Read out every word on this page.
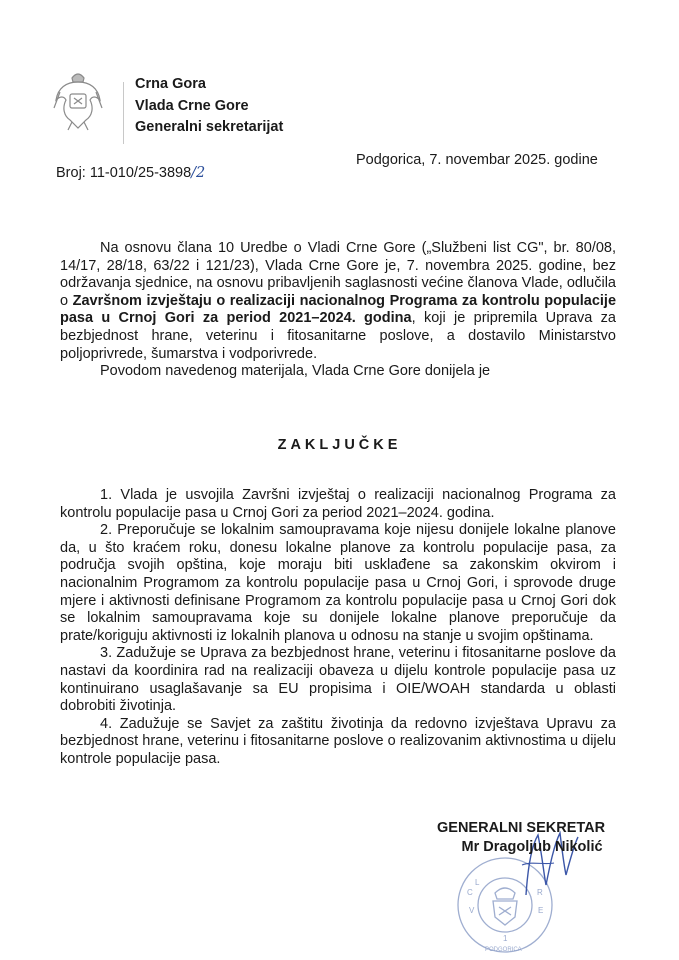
Crna Gora
Vlada Crne Gore
Generalni sekretarijat
Broj: 11-010/25-3898/2
Podgorica, 7. novembar 2025. godine

Na osnovu člana 10 Uredbe o Vladi Crne Gore („Službeni list CG", br. 80/08, 14/17, 28/18, 63/22 i 121/23), Vlada Crne Gore je, 7. novembra 2025. godine, bez održavanja sjednice, na osnovu pribavljenih saglasnosti većine članova Vlade, odlučila o Završnom izvještaju o realizaciji nacionalnog Programa za kontrolu populacije pasa u Crnoj Gori za period 2021–2024. godina, koji je pripremila Uprava za bezbjednost hrane, veterinu i fitosanitarne poslove, a dostavilo Ministarstvo poljoprivrede, šumarstva i vodporivrede.

Povodom navedenog materijala, Vlada Crne Gore donijela je

ZAKLJUČKE

1. Vlada je usvojila Završni izvještaj o realizaciji nacionalnog Programa za kontrolu populacije pasa u Crnoj Gori za period 2021–2024. godina.

2. Preporučuje se lokalnim samoupravama koje nijesu donijele lokalne planove da, u što kraćem roku, donesu lokalne planove za kontrolu populacije pasa, za područja svojih opština, koje moraju biti usklađene sa zakonskim okvirom i nacionalnim Programom za kontrolu populacije pasa u Crnoj Gori, i sprovode druge mjere i aktivnosti definisane Programom za kontrolu populacije pasa u Crnoj Gori dok se lokalnim samoupravama koje su donijele lokalne planove preporučuje da prate/koriguju aktivnosti iz lokalnih planova u odnosu na stanje u svojim opštinama.

3. Zadužuje se Uprava za bezbjednost hrane, veterinu i fitosanitarne poslove da nastavi da koordinira rad na realizaciji obaveza u dijelu kontrole populacije pasa uz kontinuirano usaglašavanje sa EU propisima i OIE/WOAH standarda u oblasti dobrobiti životinja.

4. Zadužuje se Savjet za zaštitu životinja da redovno izvještava Upravu za bezbjednost hrane, veterinu i fitosanitarne poslove o realizovanim aktivnostima u dijelu kontrole populacije pasa.

C
V
L
R
E
1
PODGORICA
GENERALNI SEKRETAR
Mr Dragoljub Nikolić
